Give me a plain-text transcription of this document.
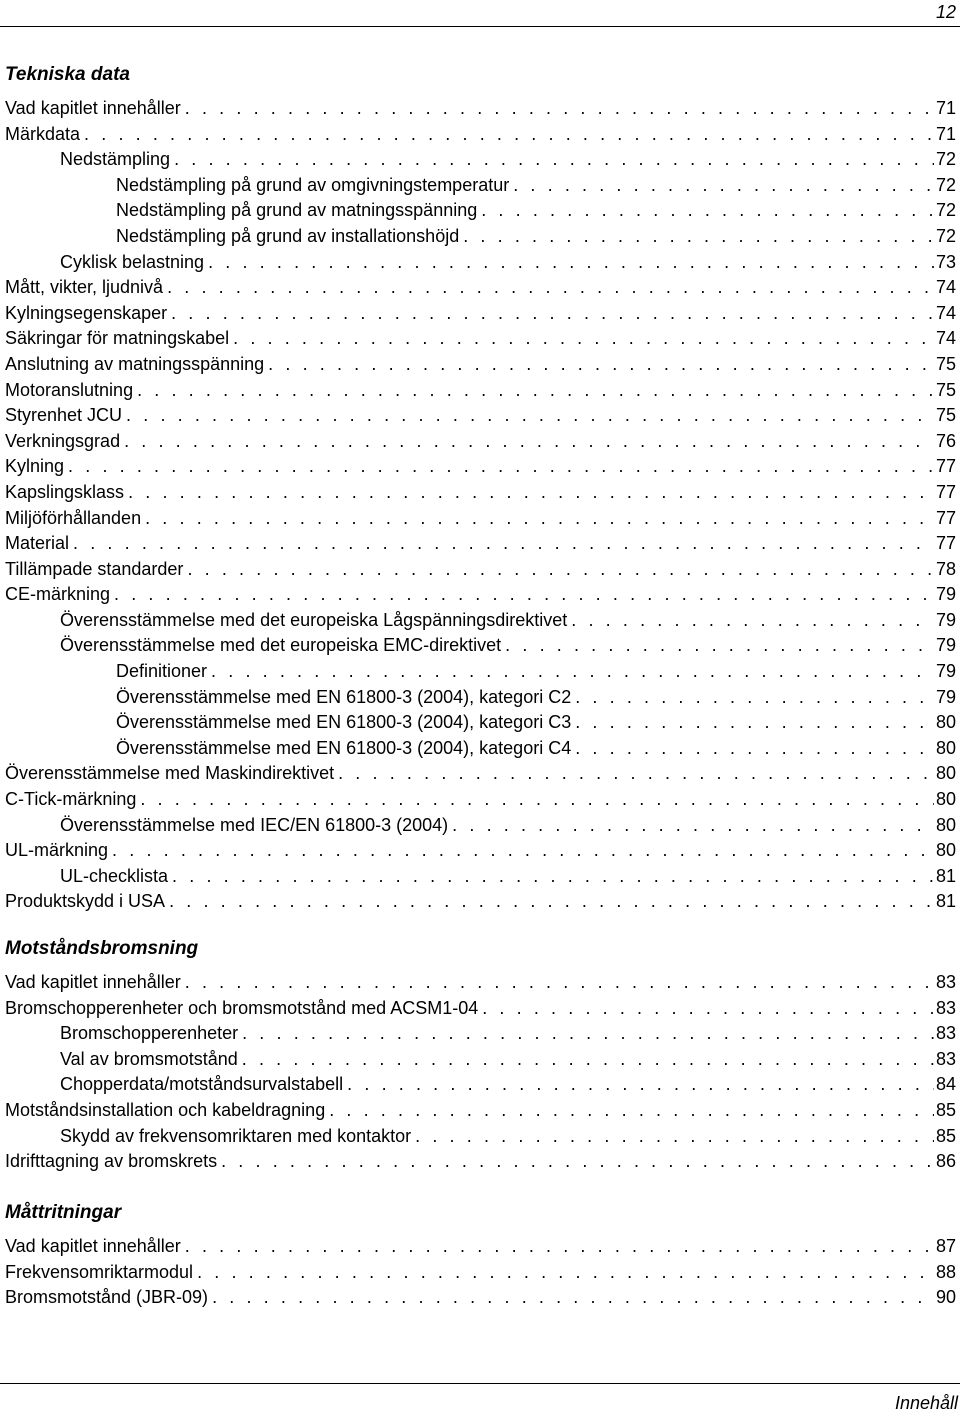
12
Tekniska data
Vad kapitlet innehåller . . .	71
Märkdata . . .	71
Nedstämpling . . .	72
Nedstämpling på grund av omgivningstemperatur . . .	72
Nedstämpling på grund av matningsspänning . . .	72
Nedstämpling på grund av installationshöjd . . .	72
Cyklisk belastning . . .	73
Mått, vikter, ljudnivå . . .	74
Kylningsegenskaper . . .	74
Säkringar för matningskabel . . .	74
Anslutning av matningsspänning . . .	75
Motoranslutning . . .	75
Styrenhet JCU . . .	75
Verkningsgrad . . .	76
Kylning . . .	77
Kapslingsklass . . .	77
Miljöförhållanden . . .	77
Material . . .	77
Tillämpade standarder . . .	78
CE-märkning . . .	79
Överensstämmelse med det europeiska Lågspänningsdirektivet . . .	79
Överensstämmelse med det europeiska EMC-direktivet . . .	79
Definitioner . . .	79
Överensstämmelse med EN 61800-3 (2004), kategori C2 . . .	79
Överensstämmelse med EN 61800-3 (2004), kategori C3 . . .	80
Överensstämmelse med EN 61800-3 (2004), kategori C4 . . .	80
Överensstämmelse med Maskindirektivet . . .	80
C-Tick-märkning . . .	80
Överensstämmelse med IEC/EN 61800-3 (2004) . . .	80
UL-märkning . . .	80
UL-checklista . . .	81
Produktskydd i USA . . .	81
Motståndsbromsning
Vad kapitlet innehåller . . .	83
Bromschopperenheter och bromsmotstånd med ACSM1-04 . . .	83
Bromschopperenheter . . .	83
Val av bromsmotstånd . . .	83
Chopperdata/motståndsurvalstabell . . .	84
Motståndsinstallation och kabeldragning . . .	85
Skydd av frekvensomriktaren med kontaktor . . .	85
Idrifttagning av bromskrets . . .	86
Måttritningar
Vad kapitlet innehåller . . .	87
Frekvensomriktarmodul . . .	88
Bromsmotstånd (JBR-09) . . .	90
Innehåll
